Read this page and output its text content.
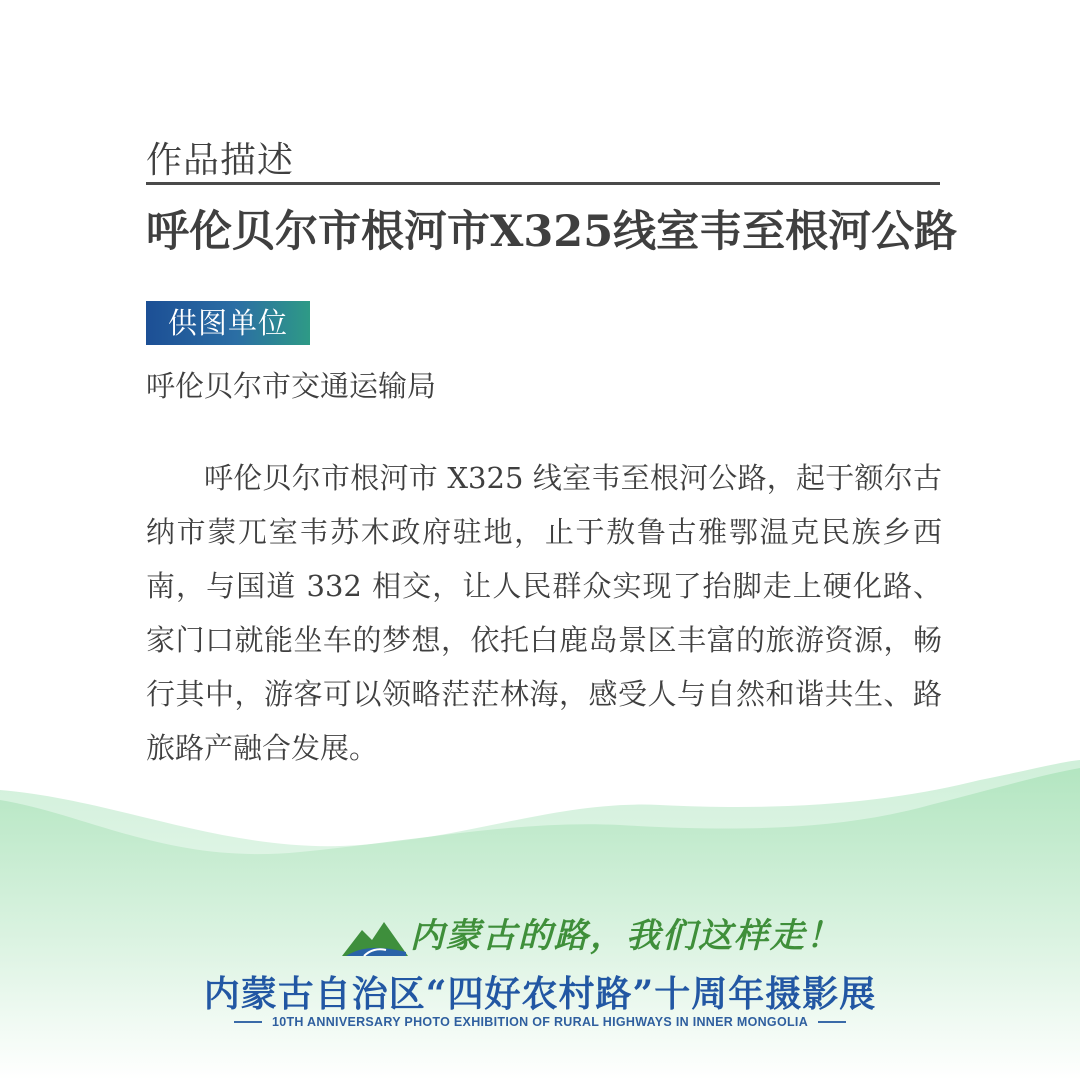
作品描述
呼伦贝尔市根河市X325线室韦至根河公路
供图单位
呼伦贝尔市交通运输局

呼伦贝尔市根河市 X325 线室韦至根河公路，起于额尔古纳市蒙兀室韦苏木政府驻地，止于敖鲁古雅鄂温克民族乡西南，与国道 332 相交，让人民群众实现了抬脚走上硬化路、家门口就能坐车的梦想，依托白鹿岛景区丰富的旅游资源，畅行其中，游客可以领略茫茫林海，感受人与自然和谐共生、路旅路产融合发展。

内蒙古的路，我们这样走！
内蒙古自治区“四好农村路”十周年摄影展
10TH ANNIVERSARY PHOTO EXHIBITION OF RURAL HIGHWAYS IN INNER MONGOLIA
